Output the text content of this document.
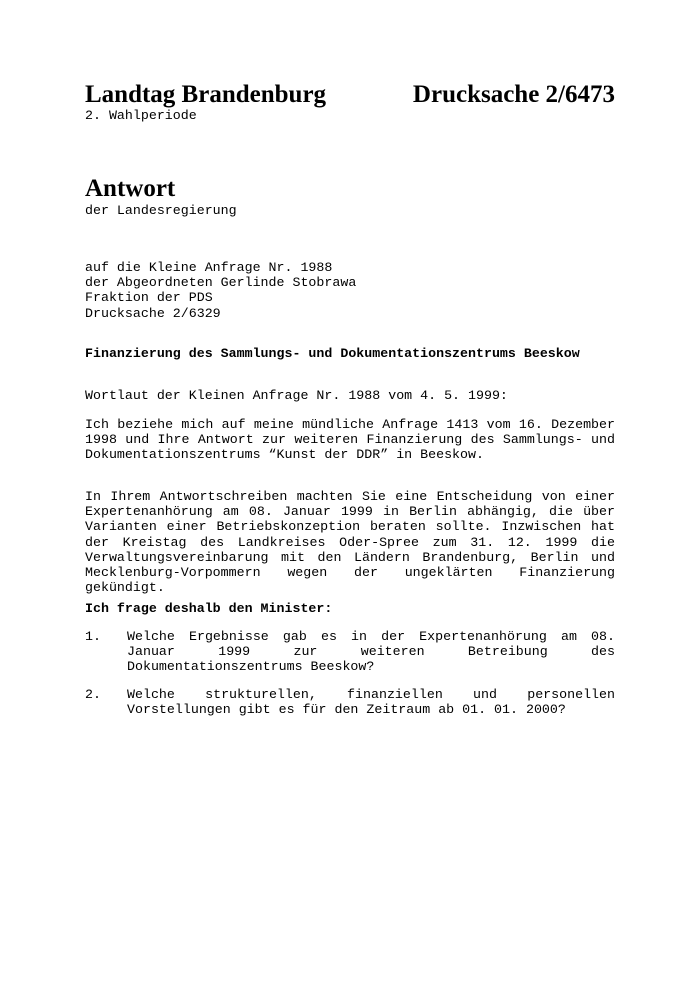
Landtag Brandenburg	Drucksache 2/6473
2. Wahlperiode
Antwort
der Landesregierung
auf die Kleine Anfrage Nr. 1988
der Abgeordneten Gerlinde Stobrawa
Fraktion der PDS
Drucksache 2/6329
Finanzierung des Sammlungs- und Dokumentationszentrums Beeskow
Wortlaut der Kleinen Anfrage Nr. 1988 vom 4. 5. 1999:
Ich beziehe mich auf meine mündliche Anfrage 1413 vom 16. Dezember 1998 und Ihre Antwort zur weiteren Finanzierung des Sammlungs- und Dokumentationszentrums “Kunst der DDR” in Beeskow.
In Ihrem Antwortschreiben machten Sie eine Entscheidung von einer Expertenanhörung am 08. Januar 1999 in Berlin abhängig, die über Varianten einer Betriebskonzeption beraten sollte. Inzwischen hat der Kreistag des Landkreises Oder-Spree zum 31. 12. 1999 die Verwaltungsvereinbarung mit den Ländern Brandenburg, Berlin und Mecklenburg-Vorpommern wegen der ungeklärten Finanzierung gekündigt.
Ich frage deshalb den Minister:
1. Welche Ergebnisse gab es in der Expertenanhörung am 08. Januar 1999 zur weiteren Betreibung des Dokumentationszentrums Beeskow?
2. Welche strukturellen, finanziellen und personellen Vorstellungen gibt es für den Zeitraum ab 01. 01. 2000?
